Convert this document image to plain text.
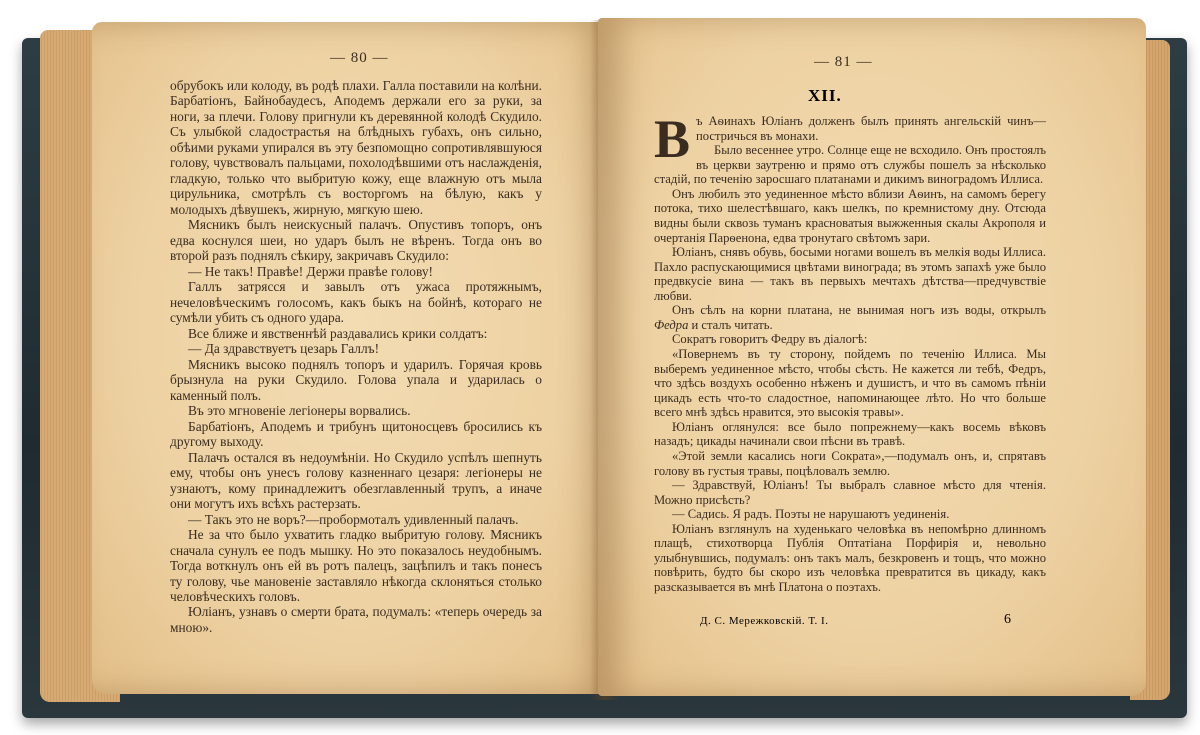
— 80 —

обрубокъ или колоду, въ родѣ плахи. Галла поставили на колѣни. Барбатіонъ, Байнобаудесъ, Аподемъ держали его за руки, за ноги, за плечи. Голову пригнули къ деревянной колодѣ Скудило. Съ улыбкой сладострастья на блѣдныхъ губахъ, онъ сильно, обѣими руками упирался въ эту безпомощно сопротивлявшуюся голову, чувствовалъ пальцами, похолодѣвшими отъ наслажденія, гладкую, только что выбритую кожу, еще влажную отъ мыла цирульника, смотрѣлъ съ восторгомъ на бѣлую, какъ у молодыхъ дѣвушекъ, жирную, мягкую шею.

Мясникъ былъ неискусный палачъ. Опустивъ топоръ, онъ едва коснулся шеи, но ударъ былъ не вѣренъ. Тогда онъ во второй разъ поднялъ сѣкиру, закричавъ Скудило:

— Не такъ! Правѣе! Держи правѣе голову!

Галлъ затрясся и завылъ отъ ужаса протяжнымъ, нечеловѣческимъ голосомъ, какъ быкъ на бойнѣ, котораго не сумѣли убить съ одного удара.

Все ближе и явственнѣй раздавались крики солдатъ:

— Да здравствуетъ цезарь Галлъ!

Мясникъ высоко поднялъ топоръ и ударилъ. Горячая кровь брызнула на руки Скудило. Голова упала и ударилась о каменный полъ.

Въ это мгновеніе легіонеры ворвались.

Барбатіонъ, Аподемъ и трибунъ щитоносцевъ бросились къ другому выходу.

Палачъ остался въ недоумѣніи. Но Скудило успѣлъ шепнуть ему, чтобы онъ унесъ голову казненнаго цезаря: легіонеры не узнаютъ, кому принадлежитъ обезглавленный трупъ, а иначе они могутъ ихъ всѣхъ растерзать.

— Такъ это не воръ?—пробормоталъ удивленный палачъ.

Не за что было ухватить гладко выбритую голову. Мясникъ сначала сунулъ ее подъ мышку. Но это показалось неудобнымъ. Тогда воткнулъ онъ ей въ ротъ палецъ, зацѣпилъ и такъ понесъ ту голову, чье мановеніе заставляло нѣкогда склоняться столько человѣческихъ головъ.

Юліанъ, узнавъ о смерти брата, подумалъ: «теперь очередь за мною».

— 81 —

Въ Аѳинахъ Юліанъ долженъ былъ принять ангельскій чинъ—постричься въ монахи.

Было весеннее утро. Солнце еще не всходило. Онъ простоялъ въ церкви заутреню и прямо отъ службы пошелъ за нѣсколько стадій, по теченію заросшаго платанами и дикимъ виноградомъ Иллиса.

Онъ любилъ это уединенное мѣсто вблизи Аѳинъ, на самомъ берегу потока, тихо шелестѣвшаго, какъ шелкъ, по кремнистому дну. Отсюда видны были сквозь туманъ красноватыя выжженныя скалы Акрополя и очертанія Парѳенона, едва тронутаго свѣтомъ зари.

Юліанъ, снявъ обувь, босыми ногами вошелъ въ мелкія воды Иллиса. Пахло распускающимися цвѣтами винограда; въ этомъ запахѣ уже было предвкусіе вина — такъ въ первыхъ мечтахъ дѣтства—предчувствіе любви.

Онъ сѣлъ на корни платана, не вынимая ногъ изъ воды, открылъ Федра и сталъ читать.

Сократъ говоритъ Федру въ діалогѣ:

«Повернемъ въ ту сторону, пойдемъ по теченію Иллиса. Мы выберемъ уединенное мѣсто, чтобы сѣсть. Не кажется ли тебѣ, Федръ, что здѣсь воздухъ особенно нѣженъ и душистъ, и что въ самомъ пѣніи цикадъ есть что-то сладостное, напоминающее лѣто. Но что больше всего мнѣ здѣсь нравится, это высокія травы».

Юліанъ оглянулся: все было попрежнему—какъ восемь вѣковъ назадъ; цикады начинали свои пѣсни въ травѣ.

«Этой земли касались ноги Сократа»,—подумалъ онъ, и, спрятавъ голову въ густыя травы, поцѣловалъ землю.

— Здравствуй, Юліанъ! Ты выбралъ славное мѣсто для чтенія. Можно присѣсть?

— Садись. Я радъ. Поэты не нарушаютъ уединенія.

Юліанъ взглянулъ на худенькаго человѣка въ непомѣрно длинномъ плащѣ, стихотворца Публія Оптатіана Порфирія и, невольно улыбнувшись, подумалъ: онъ такъ малъ, безкровенъ и тощъ, что можно повѣрить, будто бы скоро изъ человѣка превратится въ цикаду, какъ разсказывается въ мнѣ Платона о поэтахъ.

XII.
Д. С. Мережковскій. Т. I.	6
